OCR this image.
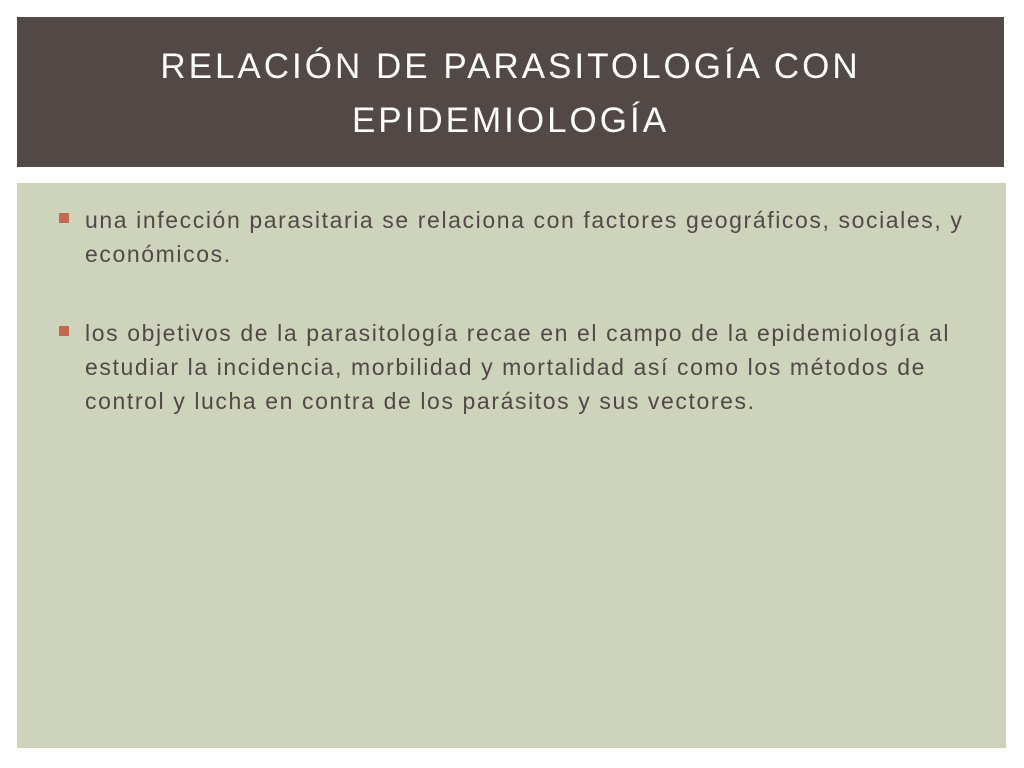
RELACIÓN DE PARASITOLOGÍA CON EPIDEMIOLOGÍA
una infección parasitaria se relaciona con factores geográficos, sociales, y económicos.
los objetivos de la parasitología recae en el campo de la epidemiología al estudiar la incidencia, morbilidad y mortalidad así como los métodos de control y lucha en contra de los parásitos y sus vectores.
